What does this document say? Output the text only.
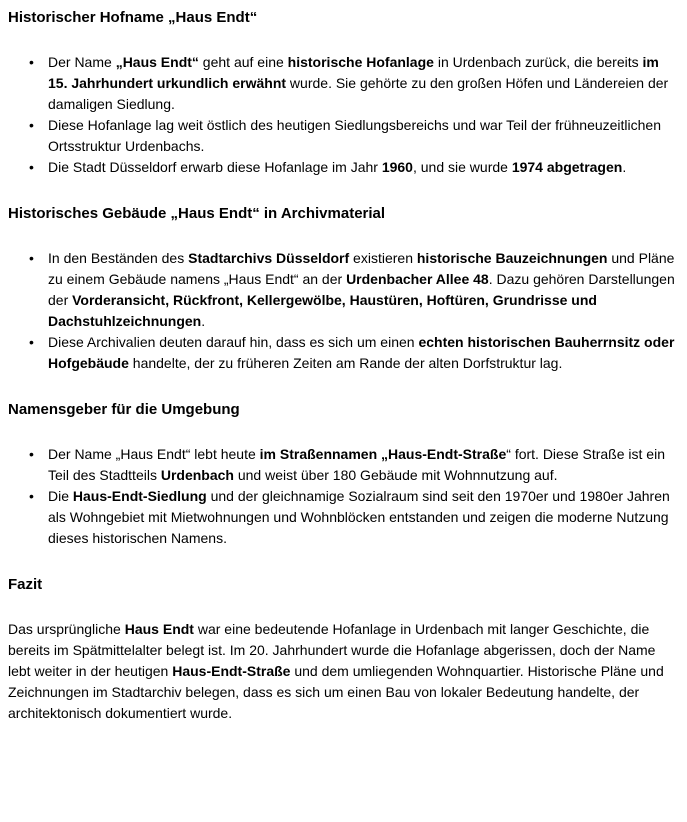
Historischer Hofname „Haus Endt“
• Der Name „Haus Endt“ geht auf eine historische Hofanlage in Urdenbach zurück, die bereits im 15. Jahrhundert urkundlich erwähnt wurde. Sie gehörte zu den großen Höfen und Ländereien der damaligen Siedlung.
• Diese Hofanlage lag weit östlich des heutigen Siedlungsbereichs und war Teil der frühneuzeitlichen Ortsstruktur Urdenbachs.
• Die Stadt Düsseldorf erwarb diese Hofanlage im Jahr 1960, und sie wurde 1974 abgetragen.
Historisches Gebäude „Haus Endt“ in Archivmaterial
• In den Beständen des Stadtarchivs Düsseldorf existieren historische Bauzeichnungen und Pläne zu einem Gebäude namens „Haus Endt“ an der Urdenbacher Allee 48. Dazu gehören Darstellungen der Vorderansicht, Rückfront, Kellergewölbe, Haustüren, Hoftüren, Grundrisse und Dachstuhlzeichnungen.
• Diese Archivalien deuten darauf hin, dass es sich um einen echten historischen Bauherrnsitz oder Hofgebäude handelte, der zu früheren Zeiten am Rande der alten Dorfstruktur lag.
Namensgeber für die Umgebung
• Der Name „Haus Endt“ lebt heute im Straßennamen „Haus-Endt-Straße“ fort. Diese Straße ist ein Teil des Stadtteils Urdenbach und weist über 180 Gebäude mit Wohnnutzung auf.
• Die Haus-Endt-Siedlung und der gleichnamige Sozialraum sind seit den 1970er und 1980er Jahren als Wohngebiet mit Mietwohnungen und Wohnblöcken entstanden und zeigen die moderne Nutzung dieses historischen Namens.
Fazit

Das ursprüngliche Haus Endt war eine bedeutende Hofanlage in Urdenbach mit langer Geschichte, die bereits im Spätmittelalter belegt ist. Im 20. Jahrhundert wurde die Hofanlage abgerissen, doch der Name lebt weiter in der heutigen Haus-Endt-Straße und dem umliegenden Wohnquartier. Historische Pläne und Zeichnungen im Stadtarchiv belegen, dass es sich um einen Bau von lokaler Bedeutung handelte, der architektonisch dokumentiert wurde.
